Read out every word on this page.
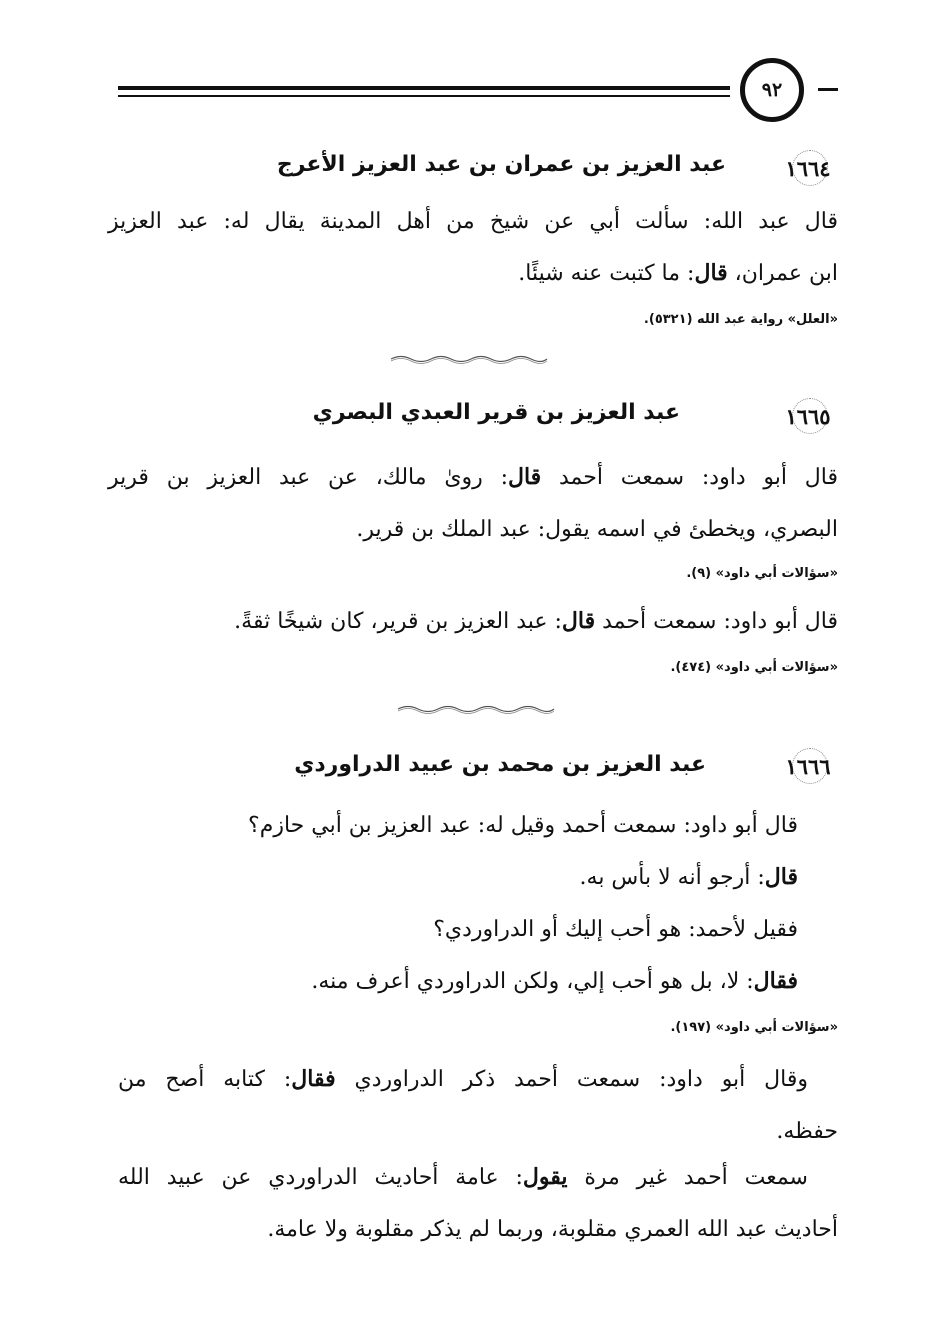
٩٢
١٦٦٤
عبد العزيز بن عمران بن عبد العزيز الأعرج
قال عبد الله: سألت أبي عن شيخ من أهل المدينة يقال له: عبد العزيز
ابن عمران، قال: ما كتبت عنه شيئًا.
«العلل» رواية عبد الله (٥٣٢١).
١٦٦٥
عبد العزيز بن قرير العبدي البصري
قال أبو داود: سمعت أحمد قال: روىٰ مالك، عن عبد العزيز بن قرير
البصري، ويخطئ في اسمه يقول: عبد الملك بن قرير.
«سؤالات أبي داود» (٩).
قال أبو داود: سمعت أحمد قال: عبد العزيز بن قرير، كان شيخًا ثقةً.
«سؤالات أبي داود» (٤٧٤).
١٦٦٦
عبد العزيز بن محمد بن عبيد الدراوردي
قال أبو داود: سمعت أحمد وقيل له: عبد العزيز بن أبي حازم؟
قال: أرجو أنه لا بأس به.
فقيل لأحمد: هو أحب إليك أو الدراوردي؟
فقال: لا، بل هو أحب إلي، ولكن الدراوردي أعرف منه.
«سؤالات أبي داود» (١٩٧).
وقال أبو داود: سمعت أحمد ذكر الدراوردي فقال: كتابه أصح من
حفظه.
سمعت أحمد غير مرة يقول: عامة أحاديث الدراوردي عن عبيد الله
أحاديث عبد الله العمري مقلوبة، وربما لم يذكر مقلوبة ولا عامة.
